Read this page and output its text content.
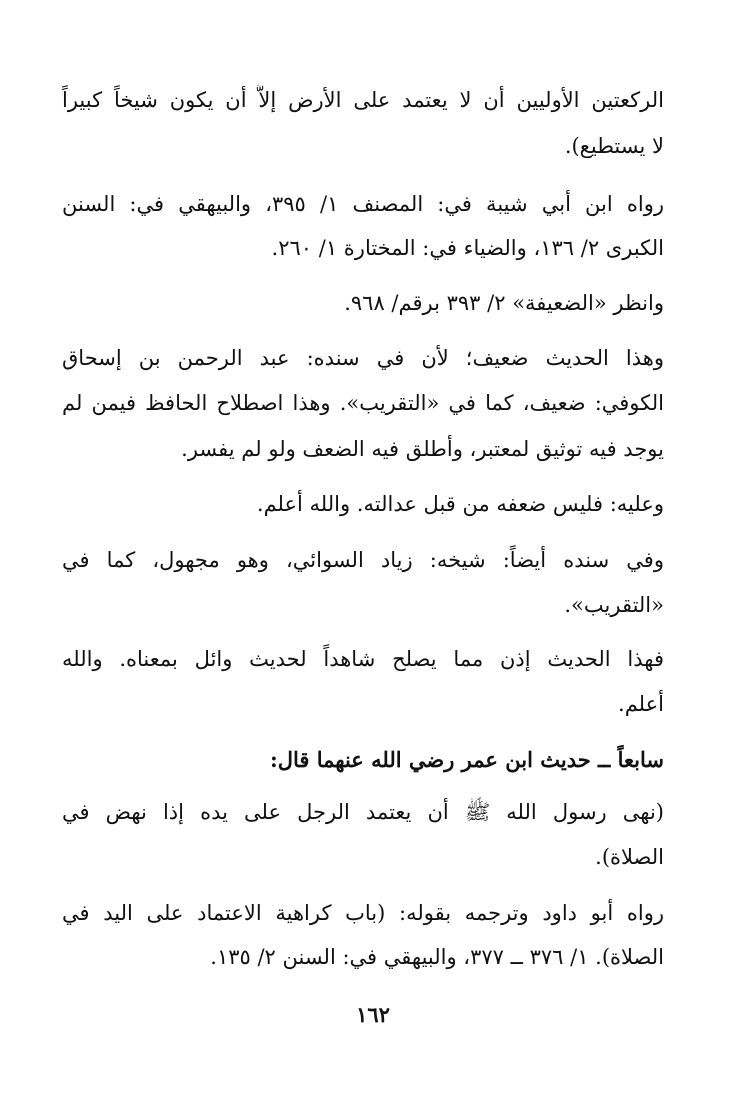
الركعتين الأوليين أن لا يعتمد على الأرض إلاَّ أن يكون شيخاً كبيراً
لا يستطيع).
رواه ابن أبي شيبة في: المصنف ١/ ٣٩٥، والبيهقي في: السنن
الكبرى ٢/ ١٣٦، والضياء في: المختارة ١/ ٢٦٠.
وانظر «الضعيفة» ٢/ ٣٩٣ برقم/ ٩٦٨.
وهذا الحديث ضعيف؛ لأن في سنده: عبد الرحمن بن إسحاق
الكوفي: ضعيف، كما في «التقريب». وهذا اصطلاح الحافظ فيمن لم
يوجد فيه توثيق لمعتبر، وأطلق فيه الضعف ولو لم يفسر.
وعليه: فليس ضعفه من قبل عدالته. والله أعلم.
وفي سنده أيضاً: شيخه: زياد السوائي، وهو مجهول، كما في
«التقريب».
فهذا الحديث إذن مما يصلح شاهداً لحديث وائل بمعناه. والله
أعلم.
سابعاً ــ حديث ابن عمر رضي الله عنهما قال:
(نهى رسول الله ﷺ أن يعتمد الرجل على يده إذا نهض في
الصلاة).
رواه أبو داود وترجمه بقوله: (باب كراهية الاعتماد على اليد في
الصلاة). ١/ ٣٧٦ ــ ٣٧٧، والبيهقي في: السنن ٢/ ١٣٥.
١٦٢
